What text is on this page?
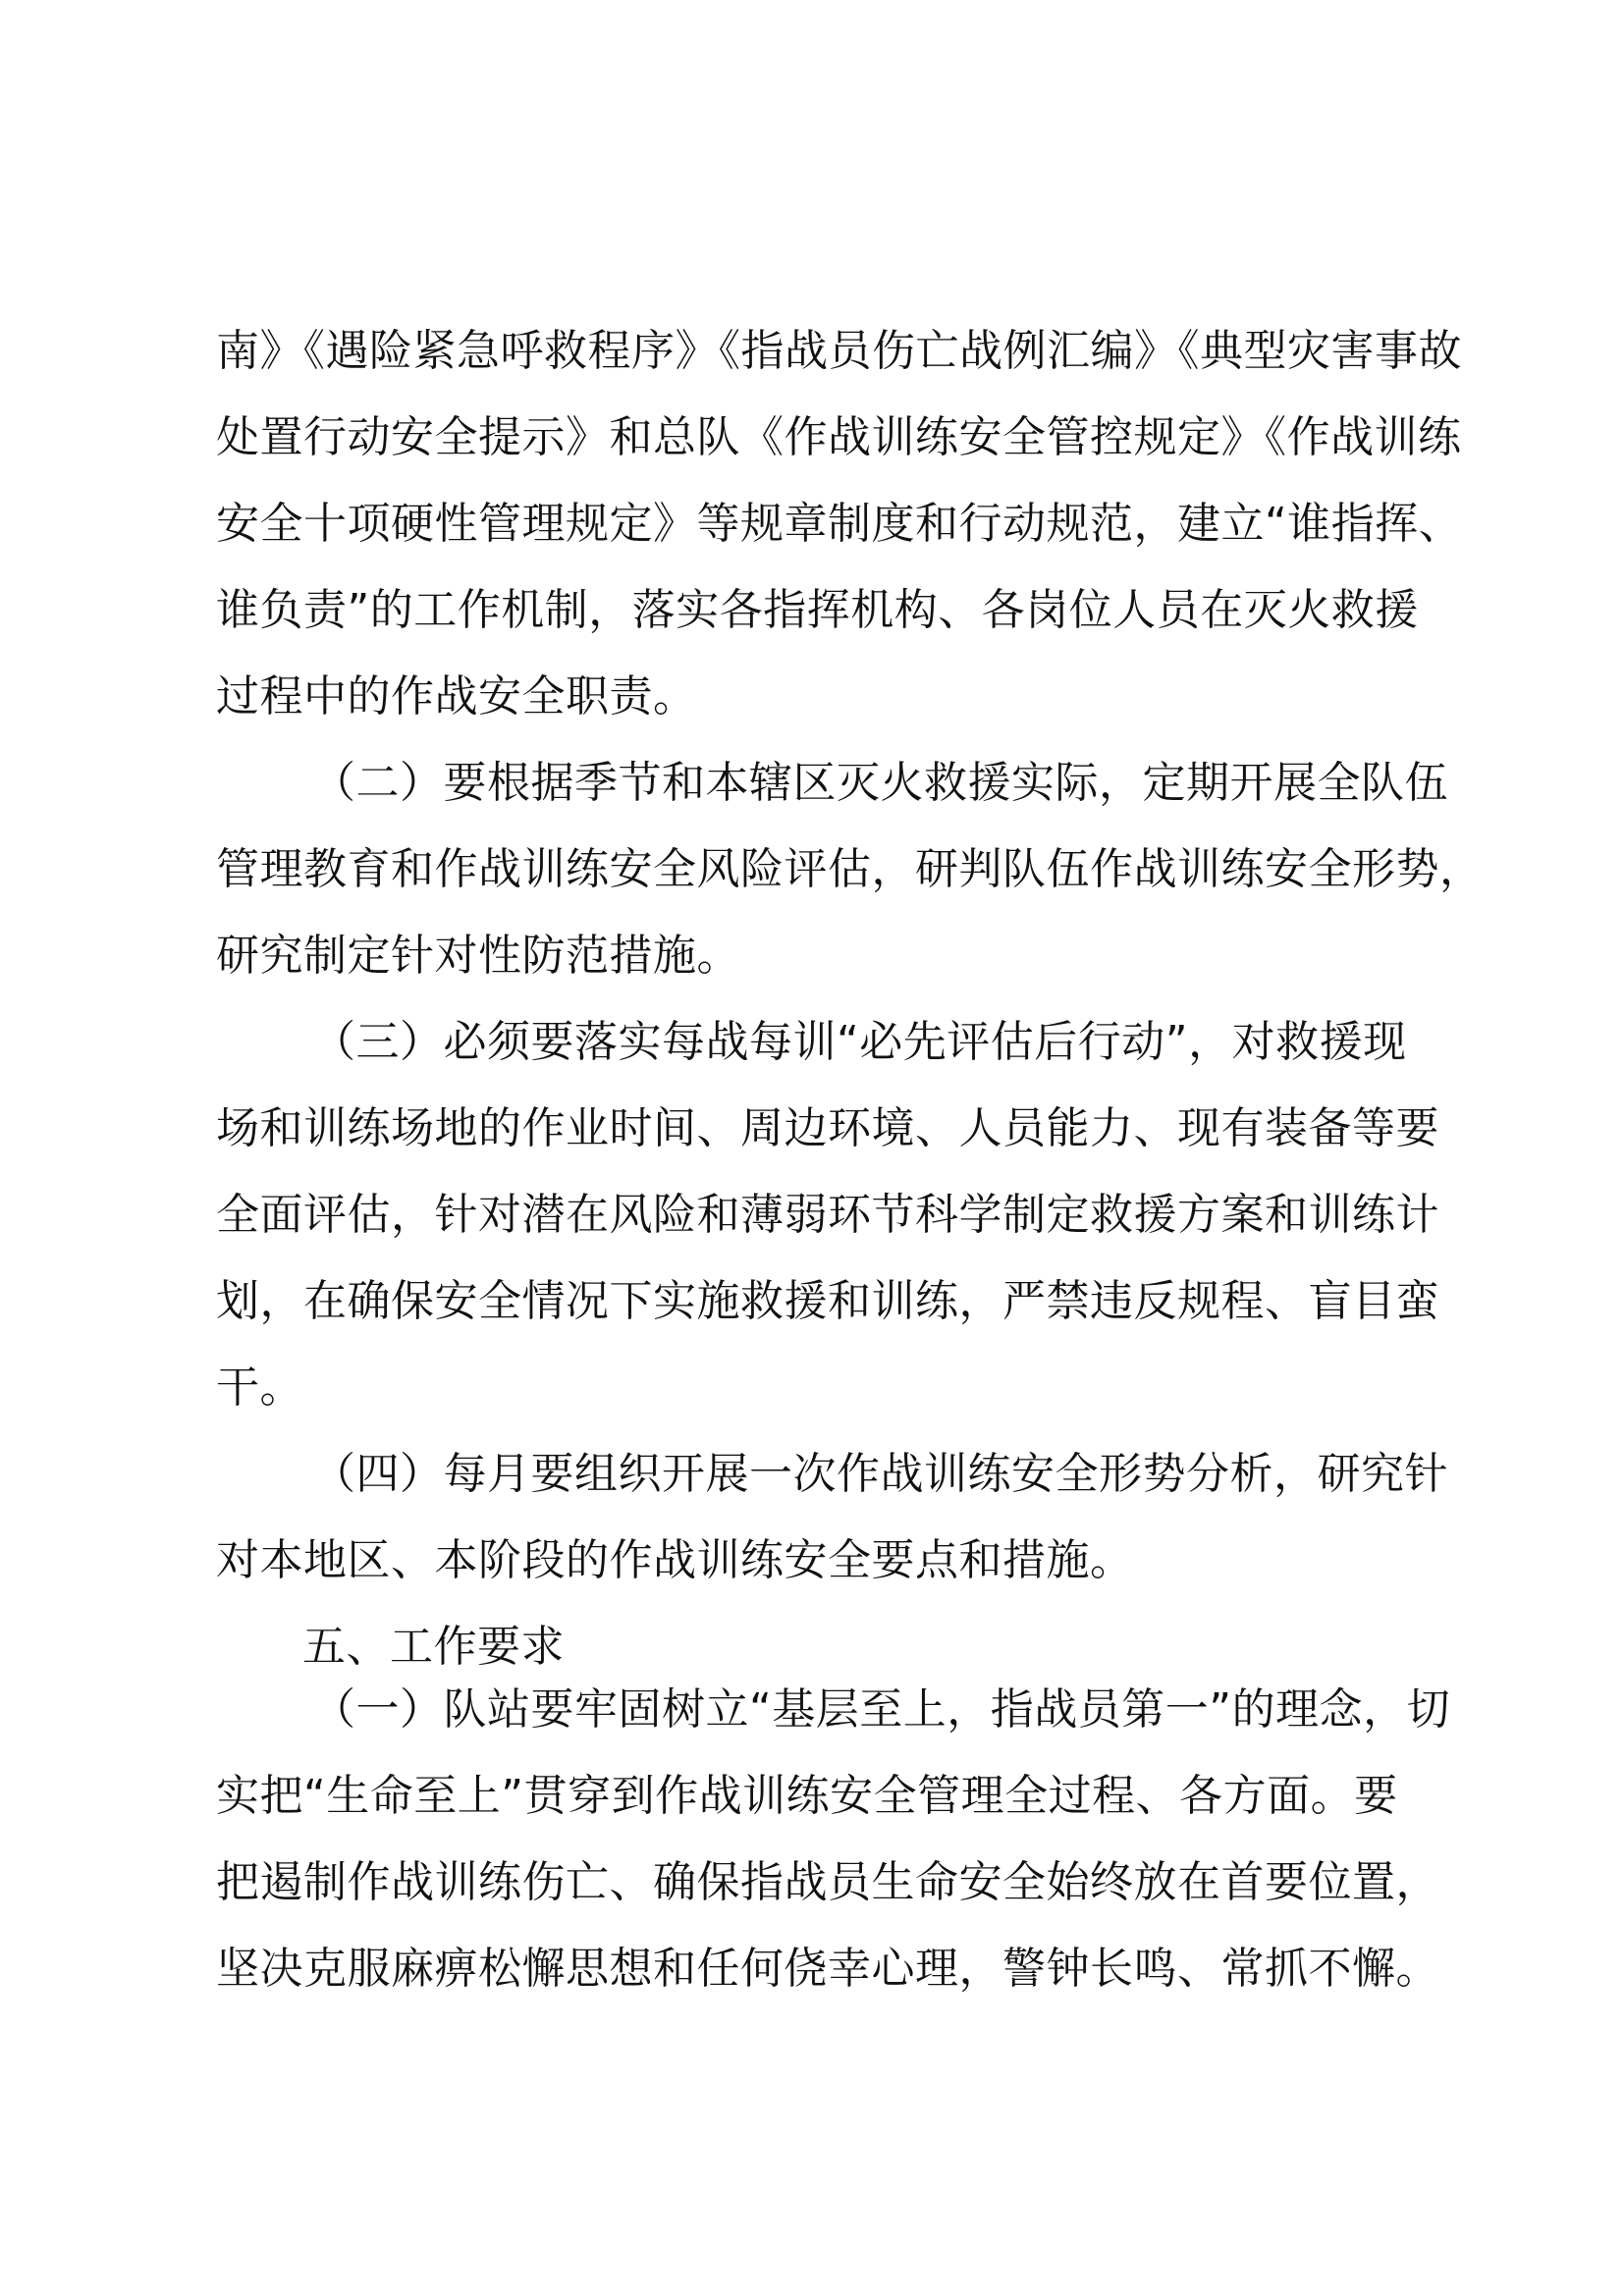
南》《遇险紧急呼救程序》《指战员伤亡战例汇编》《典型灾害事故
处置行动安全提示》和总队《作战训练安全管控规定》《作战训练
安全十项硬性管理规定》等规章制度和行动规范，建立“谁指挥、
谁负责”的工作机制，落实各指挥机构、各岗位人员在灭火救援
过程中的作战安全职责。
（二）要根据季节和本辖区灭火救援实际，定期开展全队伍
管理教育和作战训练安全风险评估，研判队伍作战训练安全形势，
研究制定针对性防范措施。
（三）必须要落实每战每训“必先评估后行动”，对救援现
场和训练场地的作业时间、周边环境、人员能力、现有装备等要
全面评估，针对潜在风险和薄弱环节科学制定救援方案和训练计
划，在确保安全情况下实施救援和训练，严禁违反规程、盲目蛮
干。
（四）每月要组织开展一次作战训练安全形势分析，研究针
对本地区、本阶段的作战训练安全要点和措施。
五、工作要求
（一）队站要牢固树立“基层至上，指战员第一”的理念，切
实把“生命至上”贯穿到作战训练安全管理全过程、各方面。要
把遏制作战训练伤亡、确保指战员生命安全始终放在首要位置，
坚决克服麻痹松懈思想和任何侥幸心理，警钟长鸣、常抓不懈。
